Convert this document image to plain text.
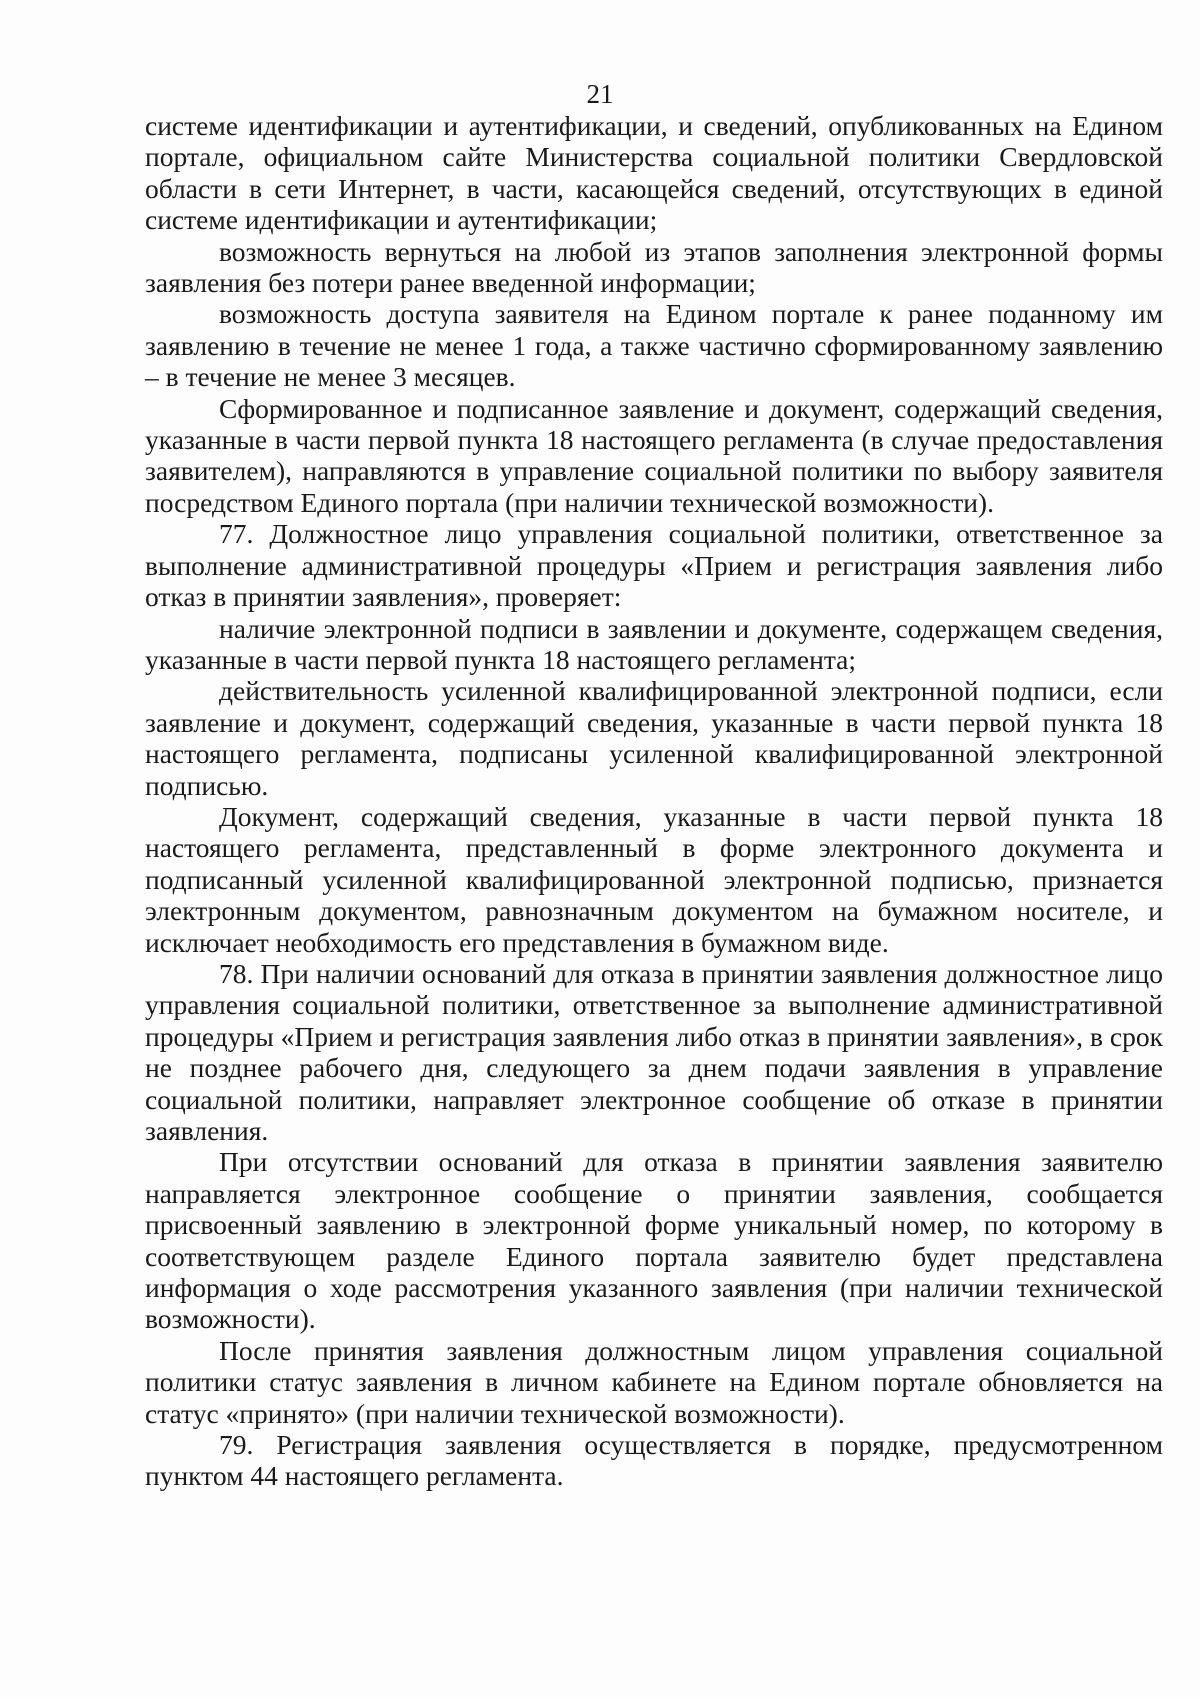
21

системе идентификации и аутентификации, и сведений, опубликованных на Едином портале, официальном сайте Министерства социальной политики Свердловской области в сети Интернет, в части, касающейся сведений, отсутствующих в единой системе идентификации и аутентификации;

возможность вернуться на любой из этапов заполнения электронной формы заявления без потери ранее введенной информации;

возможность доступа заявителя на Едином портале к ранее поданному им заявлению в течение не менее 1 года, а также частично сформированному заявлению – в течение не менее 3 месяцев.

Сформированное и подписанное заявление и документ, содержащий сведения, указанные в части первой пункта 18 настоящего регламента (в случае предоставления заявителем), направляются в управление социальной политики по выбору заявителя посредством Единого портала (при наличии технической возможности).

77. Должностное лицо управления социальной политики, ответственное за выполнение административной процедуры «Прием и регистрация заявления либо отказ в принятии заявления», проверяет:

наличие электронной подписи в заявлении и документе, содержащем сведения, указанные в части первой пункта 18 настоящего регламента;

действительность усиленной квалифицированной электронной подписи, если заявление и документ, содержащий сведения, указанные в части первой пункта 18 настоящего регламента, подписаны усиленной квалифицированной электронной подписью.

Документ, содержащий сведения, указанные в части первой пункта 18 настоящего регламента, представленный в форме электронного документа и подписанный усиленной квалифицированной электронной подписью, признается электронным документом, равнозначным документом на бумажном носителе, и исключает необходимость его представления в бумажном виде.

78. При наличии оснований для отказа в принятии заявления должностное лицо управления социальной политики, ответственное за выполнение административной процедуры «Прием и регистрация заявления либо отказ в принятии заявления», в срок не позднее рабочего дня, следующего за днем подачи заявления в управление социальной политики, направляет электронное сообщение об отказе в принятии заявления.

При отсутствии оснований для отказа в принятии заявления заявителю направляется электронное сообщение о принятии заявления, сообщается присвоенный заявлению в электронной форме уникальный номер, по которому в соответствующем разделе Единого портала заявителю будет представлена информация о ходе рассмотрения указанного заявления (при наличии технической возможности).

После принятия заявления должностным лицом управления социальной политики статус заявления в личном кабинете на Едином портале обновляется на статус «принято» (при наличии технической возможности).

79. Регистрация заявления осуществляется в порядке, предусмотренном пунктом 44 настоящего регламента.
